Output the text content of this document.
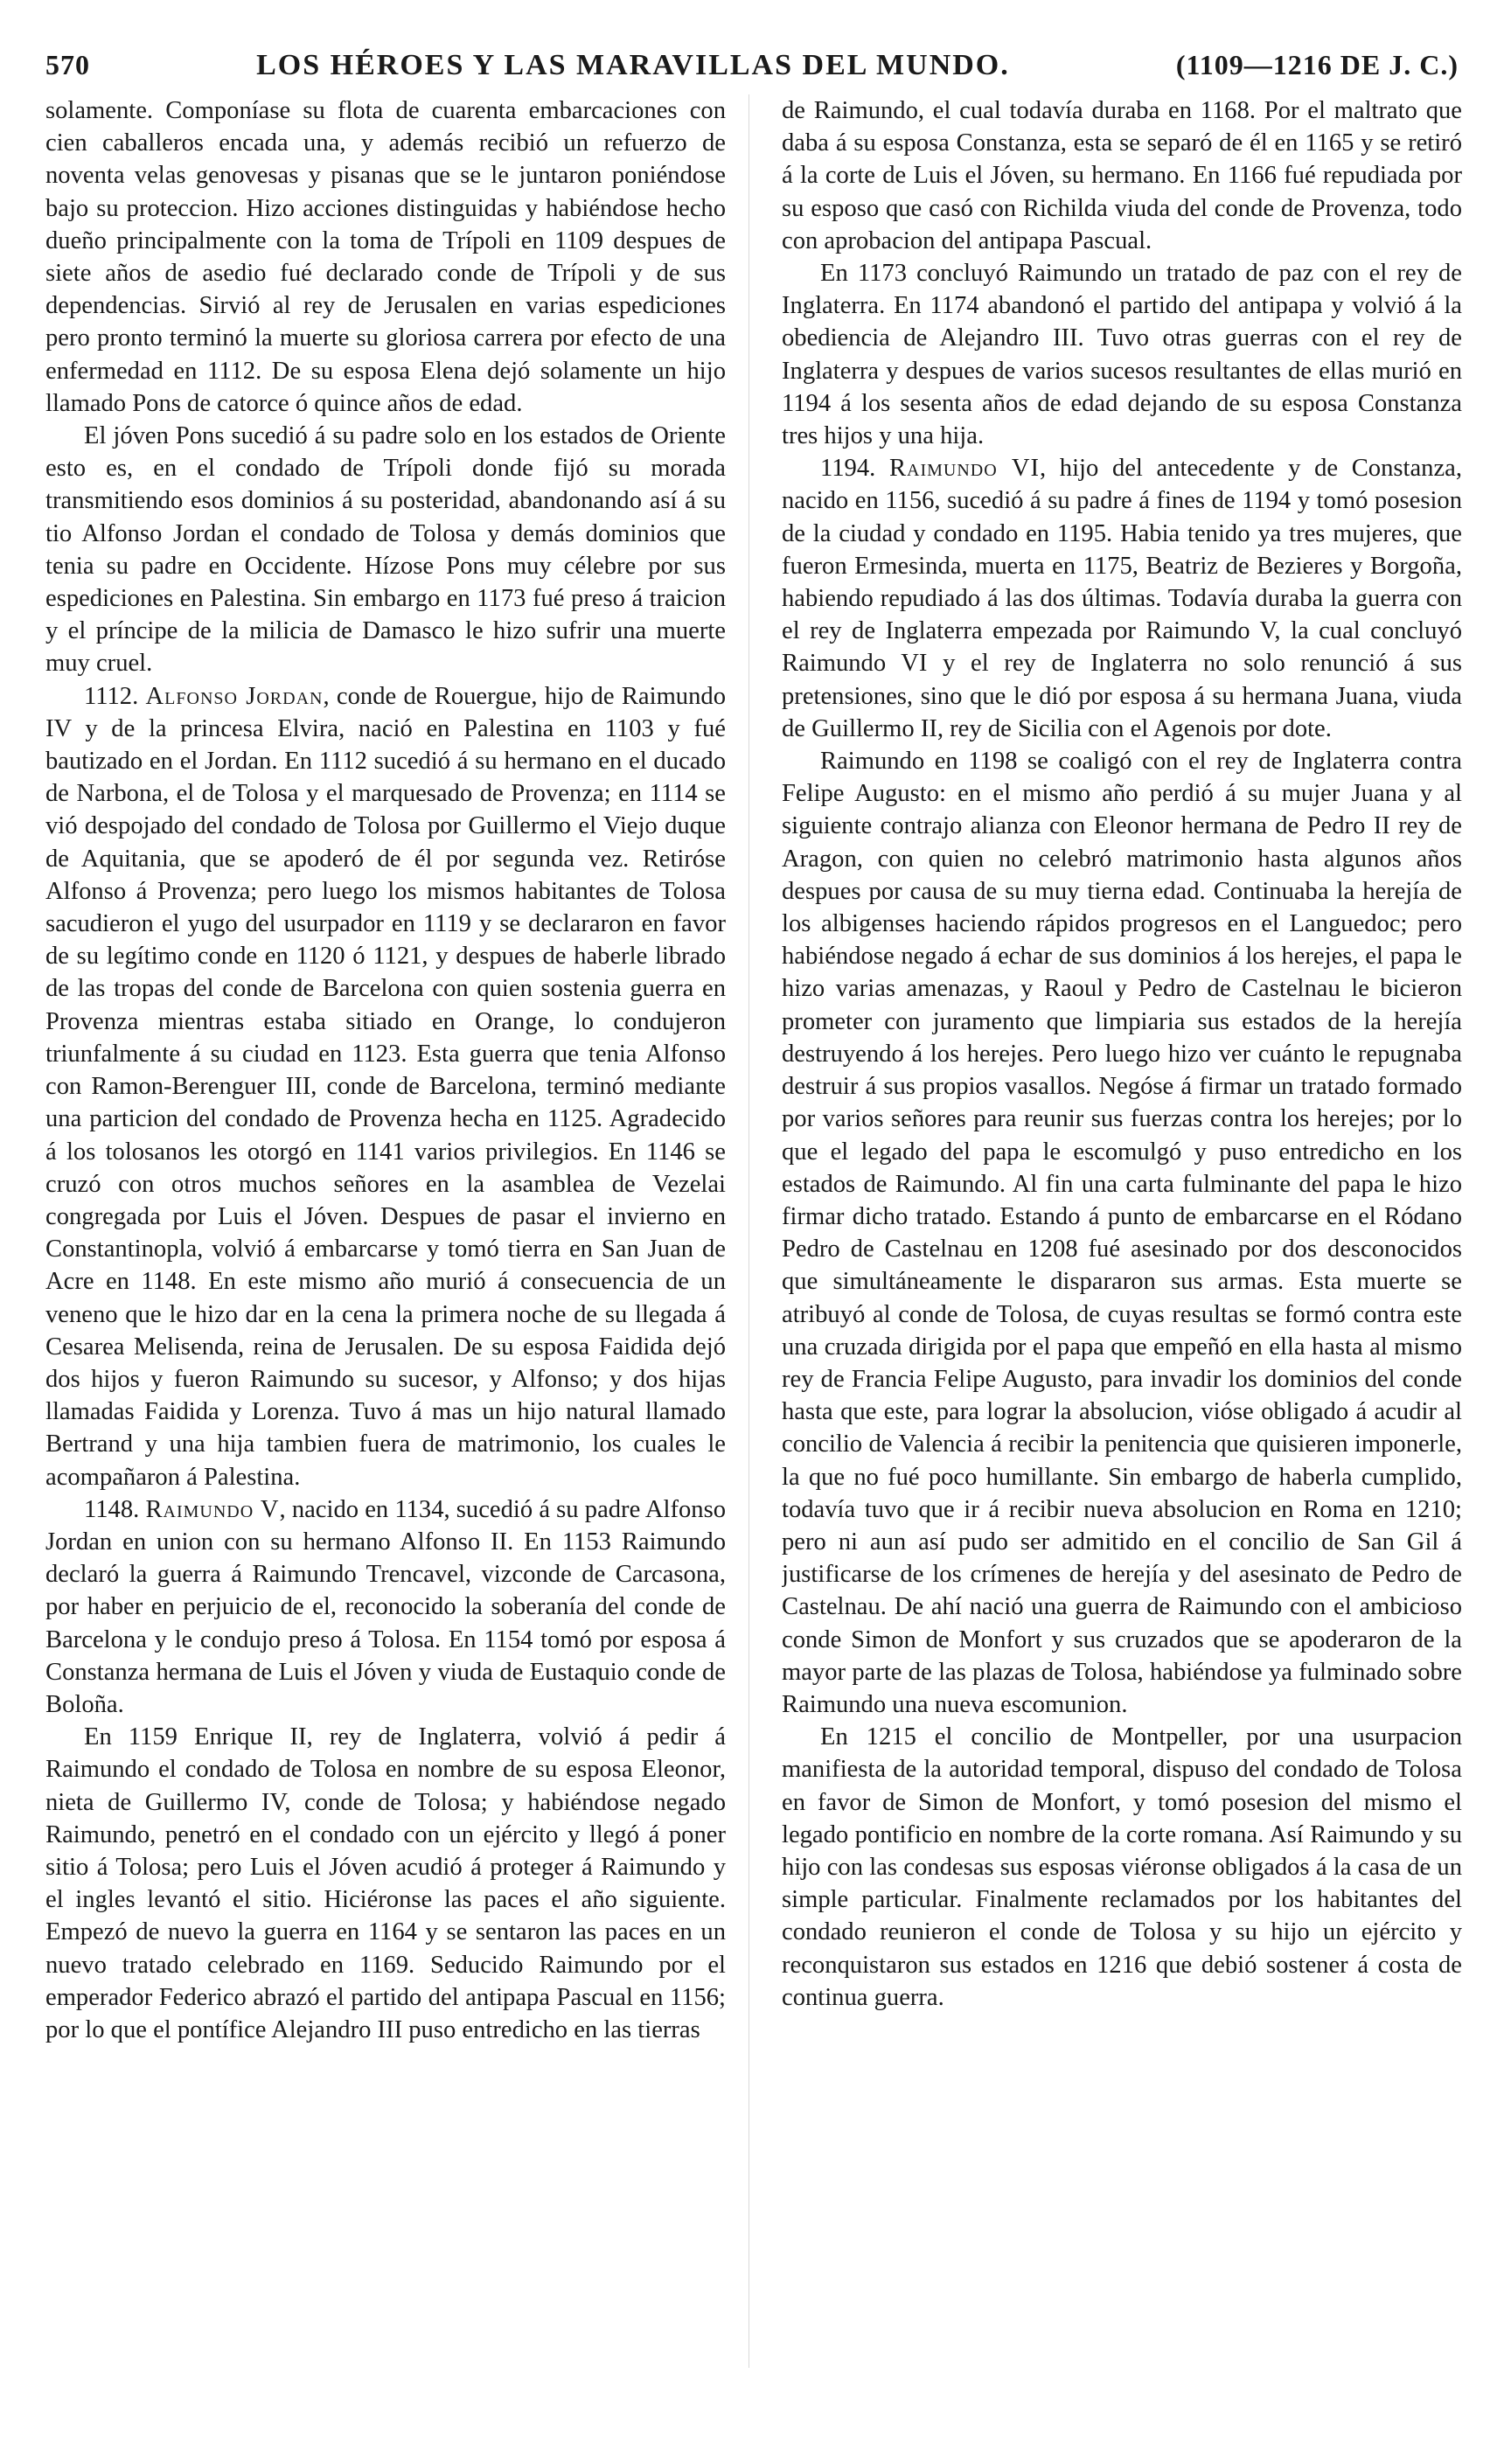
570	LOS HÉROES Y LAS MARAVILLAS DEL MUNDO.	(1109—1216 DE J. C.)

solamente. Componíase su flota de cuarenta embarcaciones con cien caballeros encada una, y además recibió un refuerzo de noventa velas genovesas y pisanas que se le juntaron poniéndose bajo su proteccion. Hizo acciones distinguidas y habiéndose hecho dueño principalmente con la toma de Trípoli en 1109 despues de siete años de asedio fué declarado conde de Trípoli y de sus dependencias. Sirvió al rey de Jerusalen en varias espediciones pero pronto terminó la muerte su gloriosa carrera por efecto de una enfermedad en 1112. De su esposa Elena dejó solamente un hijo llamado Pons de catorce ó quince años de edad.

El jóven Pons sucedió á su padre solo en los estados de Oriente esto es, en el condado de Trípoli donde fijó su morada transmitiendo esos dominios á su posteridad, abandonando así á su tio Alfonso Jordan el condado de Tolosa y demás dominios que tenia su padre en Occidente. Hízose Pons muy célebre por sus espediciones en Palestina. Sin embargo en 1173 fué preso á traicion y el príncipe de la milicia de Damasco le hizo sufrir una muerte muy cruel.

1112. Alfonso Jordan, conde de Rouergue, hijo de Raimundo IV y de la princesa Elvira, nació en Palestina en 1103 y fué bautizado en el Jordan. En 1112 sucedió á su hermano en el ducado de Narbona, el de Tolosa y el marquesado de Provenza; en 1114 se vió despojado del condado de Tolosa por Guillermo el Viejo duque de Aquitania, que se apoderó de él por segunda vez. Retiróse Alfonso á Provenza; pero luego los mismos habitantes de Tolosa sacudieron el yugo del usurpador en 1119 y se declararon en favor de su legítimo conde en 1120 ó 1121, y despues de haberle librado de las tropas del conde de Barcelona con quien sostenia guerra en Provenza mientras estaba sitiado en Orange, lo condujeron triunfalmente á su ciudad en 1123. Esta guerra que tenia Alfonso con Ramon-Berenguer III, conde de Barcelona, terminó mediante una particion del condado de Provenza hecha en 1125. Agradecido á los tolosanos les otorgó en 1141 varios privilegios. En 1146 se cruzó con otros muchos señores en la asamblea de Vezelai congregada por Luis el Jóven. Despues de pasar el invierno en Constantinopla, volvió á embarcarse y tomó tierra en San Juan de Acre en 1148. En este mismo año murió á consecuencia de un veneno que le hizo dar en la cena la primera noche de su llegada á Cesarea Melisenda, reina de Jerusalen. De su esposa Faidida dejó dos hijos y fueron Raimundo su sucesor, y Alfonso; y dos hijas llamadas Faidida y Lorenza. Tuvo á mas un hijo natural llamado Bertrand y una hija tambien fuera de matrimonio, los cuales le acompañaron á Palestina.

1148. Raimundo V, nacido en 1134, sucedió á su padre Alfonso Jordan en union con su hermano Alfonso II. En 1153 Raimundo declaró la guerra á Raimundo Trencavel, vizconde de Carcasona, por haber en perjuicio de el, reconocido la soberanía del conde de Barcelona y le condujo preso á Tolosa. En 1154 tomó por esposa á Constanza hermana de Luis el Jóven y viuda de Eustaquio conde de Boloña.

En 1159 Enrique II, rey de Inglaterra, volvió á pedir á Raimundo el condado de Tolosa en nombre de su esposa Eleonor, nieta de Guillermo IV, conde de Tolosa; y habiéndose negado Raimundo, penetró en el condado con un ejército y llegó á poner sitio á Tolosa; pero Luis el Jóven acudió á proteger á Raimundo y el ingles levantó el sitio. Hiciéronse las paces el año siguiente. Empezó de nuevo la guerra en 1164 y se sentaron las paces en un nuevo tratado celebrado en 1169. Seducido Raimundo por el emperador Federico abrazó el partido del antipapa Pascual en 1156; por lo que el pontífice Alejandro III puso entredicho en las tierras

de Raimundo, el cual todavía duraba en 1168. Por el maltrato que daba á su esposa Constanza, esta se separó de él en 1165 y se retiró á la corte de Luis el Jóven, su hermano. En 1166 fué repudiada por su esposo que casó con Richilda viuda del conde de Provenza, todo con aprobacion del antipapa Pascual.

En 1173 concluyó Raimundo un tratado de paz con el rey de Inglaterra. En 1174 abandonó el partido del antipapa y volvió á la obediencia de Alejandro III. Tuvo otras guerras con el rey de Inglaterra y despues de varios sucesos resultantes de ellas murió en 1194 á los sesenta años de edad dejando de su esposa Constanza tres hijos y una hija.

1194. Raimundo VI, hijo del antecedente y de Constanza, nacido en 1156, sucedió á su padre á fines de 1194 y tomó posesion de la ciudad y condado en 1195. Habia tenido ya tres mujeres, que fueron Ermesinda, muerta en 1175, Beatriz de Bezieres y Borgoña, habiendo repudiado á las dos últimas. Todavía duraba la guerra con el rey de Inglaterra empezada por Raimundo V, la cual concluyó Raimundo VI y el rey de Inglaterra no solo renunció á sus pretensiones, sino que le dió por esposa á su hermana Juana, viuda de Guillermo II, rey de Sicilia con el Agenois por dote.

Raimundo en 1198 se coaligó con el rey de Inglaterra contra Felipe Augusto: en el mismo año perdió á su mujer Juana y al siguiente contrajo alianza con Eleonor hermana de Pedro II rey de Aragon, con quien no celebró matrimonio hasta algunos años despues por causa de su muy tierna edad. Continuaba la herejía de los albigenses haciendo rápidos progresos en el Languedoc; pero habiéndose negado á echar de sus dominios á los herejes, el papa le hizo varias amenazas, y Raoul y Pedro de Castelnau le bicieron prometer con juramento que limpiaria sus estados de la herejía destruyendo á los herejes. Pero luego hizo ver cuánto le repugnaba destruir á sus propios vasallos. Negóse á firmar un tratado formado por varios señores para reunir sus fuerzas contra los herejes; por lo que el legado del papa le escomulgó y puso entredicho en los estados de Raimundo. Al fin una carta fulminante del papa le hizo firmar dicho tratado. Estando á punto de embarcarse en el Ródano Pedro de Castelnau en 1208 fué asesinado por dos desconocidos que simultáneamente le dispararon sus armas. Esta muerte se atribuyó al conde de Tolosa, de cuyas resultas se formó contra este una cruzada dirigida por el papa que empeñó en ella hasta al mismo rey de Francia Felipe Augusto, para invadir los dominios del conde hasta que este, para lograr la absolucion, vióse obligado á acudir al concilio de Valencia á recibir la penitencia que quisieren imponerle, la que no fué poco humillante. Sin embargo de haberla cumplido, todavía tuvo que ir á recibir nueva absolucion en Roma en 1210; pero ni aun así pudo ser admitido en el concilio de San Gil á justificarse de los crímenes de herejía y del asesinato de Pedro de Castelnau. De ahí nació una guerra de Raimundo con el ambicioso conde Simon de Monfort y sus cruzados que se apoderaron de la mayor parte de las plazas de Tolosa, habiéndose ya fulminado sobre Raimundo una nueva escomunion.

En 1215 el concilio de Montpeller, por una usurpacion manifiesta de la autoridad temporal, dispuso del condado de Tolosa en favor de Simon de Monfort, y tomó posesion del mismo el legado pontificio en nombre de la corte romana. Así Raimundo y su hijo con las condesas sus esposas viéronse obligados á la casa de un simple particular. Finalmente reclamados por los habitantes del condado reunieron el conde de Tolosa y su hijo un ejército y reconquistaron sus estados en 1216 que debió sostener á costa de continua guerra.
